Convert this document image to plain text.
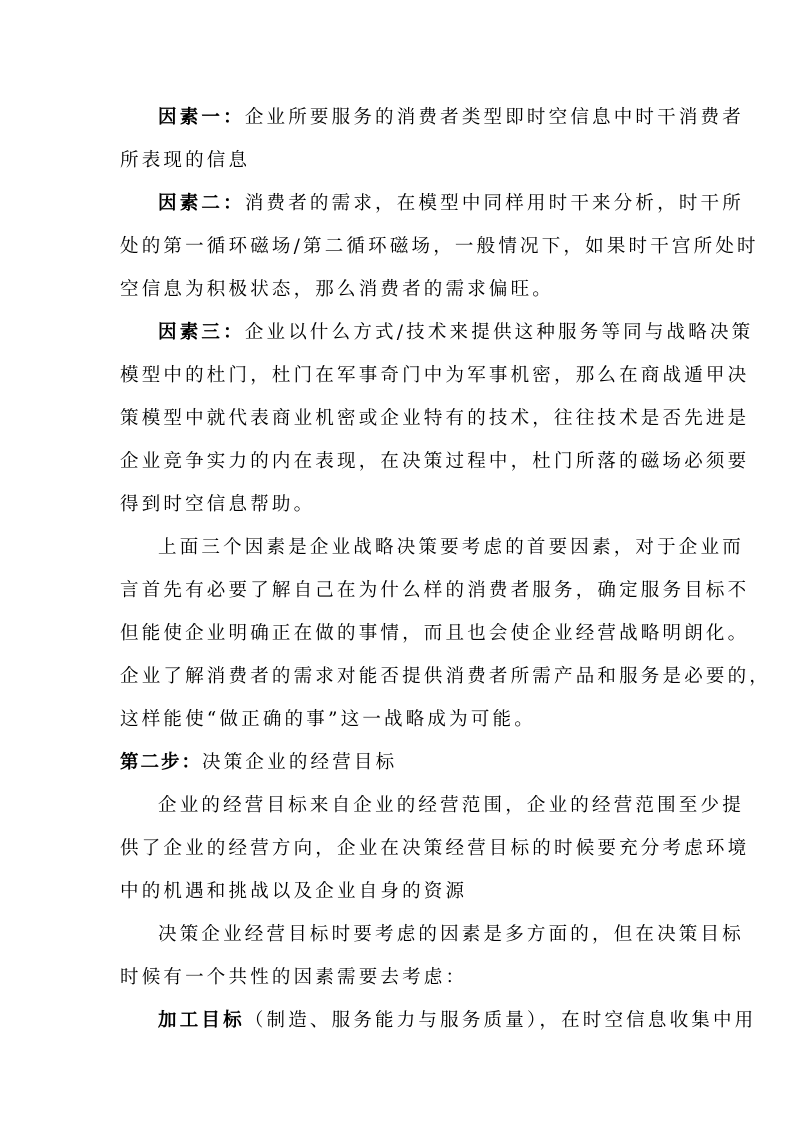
因素一：企业所要服务的消费者类型即时空信息中时干消费者
所表现的信息
因素二：消费者的需求，在模型中同样用时干来分析，时干所
处的第一循环磁场/第二循环磁场，一般情况下，如果时干宫所处时
空信息为积极状态，那么消费者的需求偏旺。
因素三：企业以什么方式/技术来提供这种服务等同与战略决策
模型中的杜门，杜门在军事奇门中为军事机密，那么在商战遁甲决
策模型中就代表商业机密或企业特有的技术，往往技术是否先进是
企业竞争实力的内在表现，在决策过程中，杜门所落的磁场必须要
得到时空信息帮助。
上面三个因素是企业战略决策要考虑的首要因素，对于企业而
言首先有必要了解自己在为什么样的消费者服务，确定服务目标不
但能使企业明确正在做的事情，而且也会使企业经营战略明朗化。
企业了解消费者的需求对能否提供消费者所需产品和服务是必要的，
这样能使“做正确的事”这一战略成为可能。
第二步：决策企业的经营目标
企业的经营目标来自企业的经营范围，企业的经营范围至少提
供了企业的经营方向，企业在决策经营目标的时候要充分考虑环境
中的机遇和挑战以及企业自身的资源
决策企业经营目标时要考虑的因素是多方面的，但在决策目标
时候有一个共性的因素需要去考虑：
加工目标（制造、服务能力与服务质量），在时空信息收集中用
